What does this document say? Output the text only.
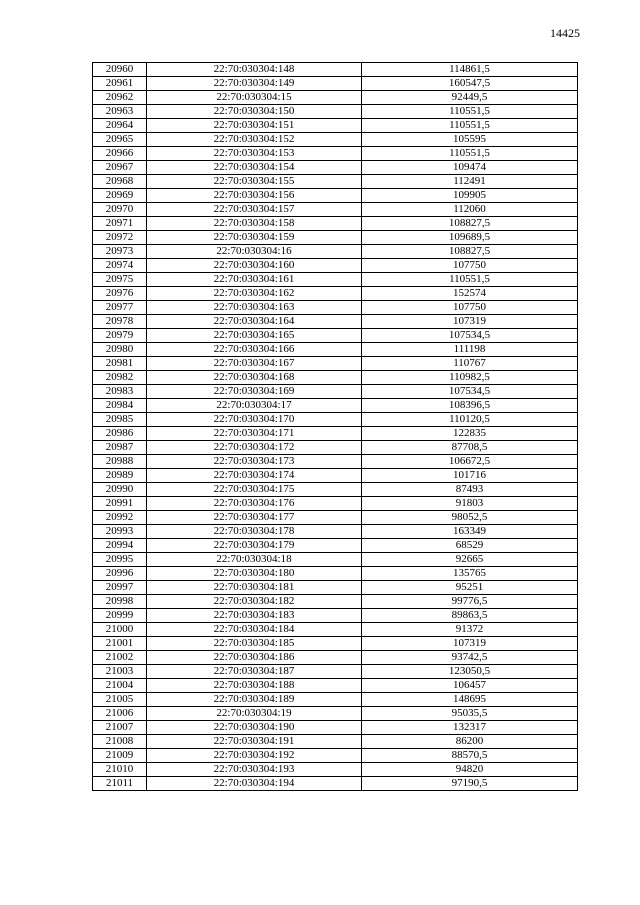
14425
20960	22:70:030304:148	114861,5
20961	22:70:030304:149	160547,5
20962	22:70:030304:15	92449,5
20963	22:70:030304:150	110551,5
20964	22:70:030304:151	110551,5
20965	22:70:030304:152	105595
20966	22:70:030304:153	110551,5
20967	22:70:030304:154	109474
20968	22:70:030304:155	112491
20969	22:70:030304:156	109905
20970	22:70:030304:157	112060
20971	22:70:030304:158	108827,5
20972	22:70:030304:159	109689,5
20973	22:70:030304:16	108827,5
20974	22:70:030304:160	107750
20975	22:70:030304:161	110551,5
20976	22:70:030304:162	152574
20977	22:70:030304:163	107750
20978	22:70:030304:164	107319
20979	22:70:030304:165	107534,5
20980	22:70:030304:166	111198
20981	22:70:030304:167	110767
20982	22:70:030304:168	110982,5
20983	22:70:030304:169	107534,5
20984	22:70:030304:17	108396,5
20985	22:70:030304:170	110120,5
20986	22:70:030304:171	122835
20987	22:70:030304:172	87708,5
20988	22:70:030304:173	106672,5
20989	22:70:030304:174	101716
20990	22:70:030304:175	87493
20991	22:70:030304:176	91803
20992	22:70:030304:177	98052,5
20993	22:70:030304:178	163349
20994	22:70:030304:179	68529
20995	22:70:030304:18	92665
20996	22:70:030304:180	135765
20997	22:70:030304:181	95251
20998	22:70:030304:182	99776,5
20999	22:70:030304:183	89863,5
21000	22:70:030304:184	91372
21001	22:70:030304:185	107319
21002	22:70:030304:186	93742,5
21003	22:70:030304:187	123050,5
21004	22:70:030304:188	106457
21005	22:70:030304:189	148695
21006	22:70:030304:19	95035,5
21007	22:70:030304:190	132317
21008	22:70:030304:191	86200
21009	22:70:030304:192	88570,5
21010	22:70:030304:193	94820
21011	22:70:030304:194	97190,5
